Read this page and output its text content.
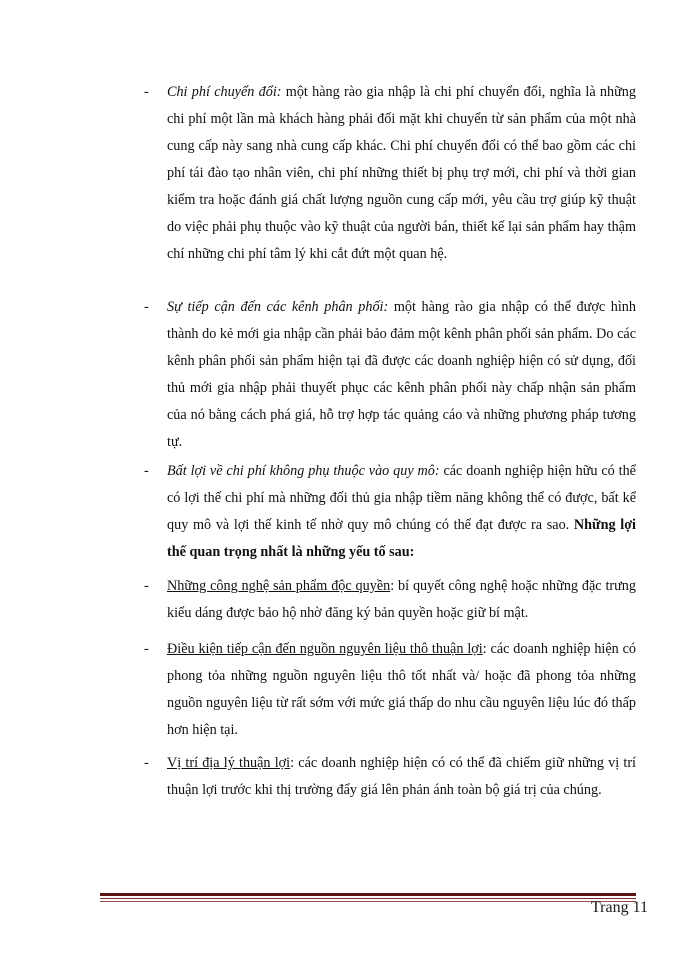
-	Chi phí chuyển đổi: một hàng rào gia nhập là chi phí chuyển đổi, nghĩa là những chi phí một lần mà khách hàng phải đối mặt khi chuyển từ sản phẩm của một nhà cung cấp này sang nhà cung cấp khác. Chi phí chuyển đổi có thể bao gồm các chi phí tái đào tạo nhân viên, chi phí những thiết bị phụ trợ mới, chi phí và thời gian kiểm tra hoặc đánh giá chất lượng nguồn cung cấp mới, yêu cầu trợ giúp kỹ thuật do việc phải phụ thuộc vào kỹ thuật của người bán, thiết kế lại sản phẩm hay thậm chí những chi phí tâm lý khi cắt đứt một quan hệ.
-	Sự tiếp cận đến các kênh phân phối: một hàng rào gia nhập có thể được hình thành do kẻ mới gia nhập cần phải bảo đảm một kênh phân phối sản phẩm. Do các kênh phân phối sản phẩm hiện tại đã được các doanh nghiệp hiện có sử dụng, đối thủ mới gia nhập phải thuyết phục các kênh phân phối này chấp nhận sản phẩm của nó bằng cách phá giá, hỗ trợ hợp tác quảng cáo và những phương pháp tương tự.
-	Bất lợi về chi phí không phụ thuộc vào quy mô: các doanh nghiệp hiện hữu có thể có lợi thế chi phí mà những đối thủ gia nhập tiềm năng không thể có được, bất kể quy mô và lợi thế kinh tế nhờ quy mô chúng có thể đạt được ra sao. Những lợi thế quan trọng nhất là những yếu tố sau:
-	Những công nghệ sản phẩm độc quyền: bí quyết công nghệ hoặc những đặc trưng kiểu dáng được bảo hộ nhờ đăng ký bản quyền hoặc giữ bí mật.
-	Điều kiện tiếp cận đến nguồn nguyên liệu thô thuận lợi: các doanh nghiệp hiện có phong tỏa những nguồn nguyên liệu thô tốt nhất và/ hoặc đã phong tỏa những nguồn nguyên liệu từ rất sớm với mức giá thấp do nhu cầu nguyên liệu lúc đó thấp hơn hiện tại.
-	Vị trí địa lý thuận lợi: các doanh nghiệp hiện có có thể đã chiếm giữ những vị trí thuận lợi trước khi thị trường đẩy giá lên phản ánh toàn bộ giá trị của chúng.
Trang 11
